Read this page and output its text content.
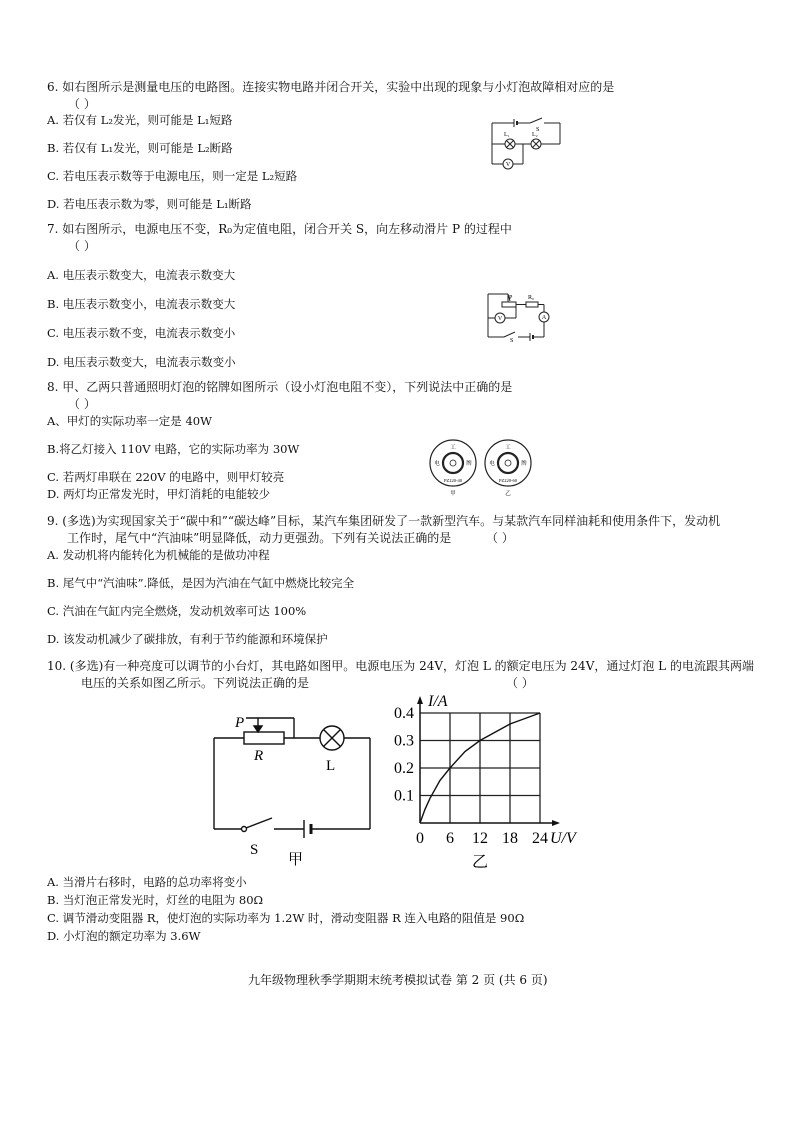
6. 如右图所示是测量电压的电路图。连接实物电路并闭合开关，实验中出现的现象与小灯泡故障相对应的是
（ ）
A. 若仅有 L₂发光，则可能是 L₁短路
B. 若仅有 L₁发光，则可能是 L₂断路
C. 若电压表示数等于电源电压，则一定是 L₂短路
D. 若电压表示数为零，则可能是 L₁断路
S
L₁	L₂
V
7. 如右图所示，电源电压不变，R₀为定值电阻，闭合开关 S，向左移动滑片 P 的过程中
（ ）
A. 电压表示数变大，电流表示数变大
B. 电压表示数变小，电流表示数变大
C. 电压表示数不变，电流表示数变小
D. 电压表示数变大，电流表示数变小
P	R₀
V	A
S
8. 甲、乙两只普通照明灯泡的铭牌如图所示（设小灯泡电阻不变），下列说法中正确的是
（ ）
A、甲灯的实际功率一定是 40W
B.将乙灯接入 110V 电路，它的实际功率为 30W
C. 若两灯串联在 220V 的电路中，则甲灯较亮
D. 两灯均正常发光时，甲灯消耗的电能较少
工
电	牌
PZ220-40
甲
工
电	牌
PZ220-60
乙
9. (多选)为实现国家关于“碳中和”“碳达峰”目标，某汽车集团研发了一款新型汽车。与某款汽车同样油耗和使用条件下，发动机
工作时，尾气中“汽油味”明显降低，动力更强劲。下列有关说法正确的是	（ ）
A. 发动机将内能转化为机械能的是做功冲程
B. 尾气中“汽油味”.降低，是因为汽油在气缸中燃烧比较完全
C. 汽油在气缸内完全燃烧，发动机效率可达 100%
D. 该发动机减少了碳排放，有利于节约能源和环境保护
10. (多选)有一种亮度可以调节的小台灯，其电路如图甲。电源电压为 24V，灯泡 L 的额定电压为 24V，通过灯泡 L 的电流跟其两端
电压的关系如图乙所示。下列说法正确的是	（ ）
P
R
L
S
甲
0 6 12 18 24
0.1
0.2
0.3
0.4
I/A
U/V
乙
A. 当滑片右移时，电路的总功率将变小
B. 当灯泡正常发光时，灯丝的电阻为 80Ω
C. 调节滑动变阻器 R，使灯泡的实际功率为 1.2W 时，滑动变阻器 R 连入电路的阻值是 90Ω
D. 小灯泡的额定功率为 3.6W
九年级物理秋季学期期末统考模拟试卷 第 2 页 (共 6 页)
